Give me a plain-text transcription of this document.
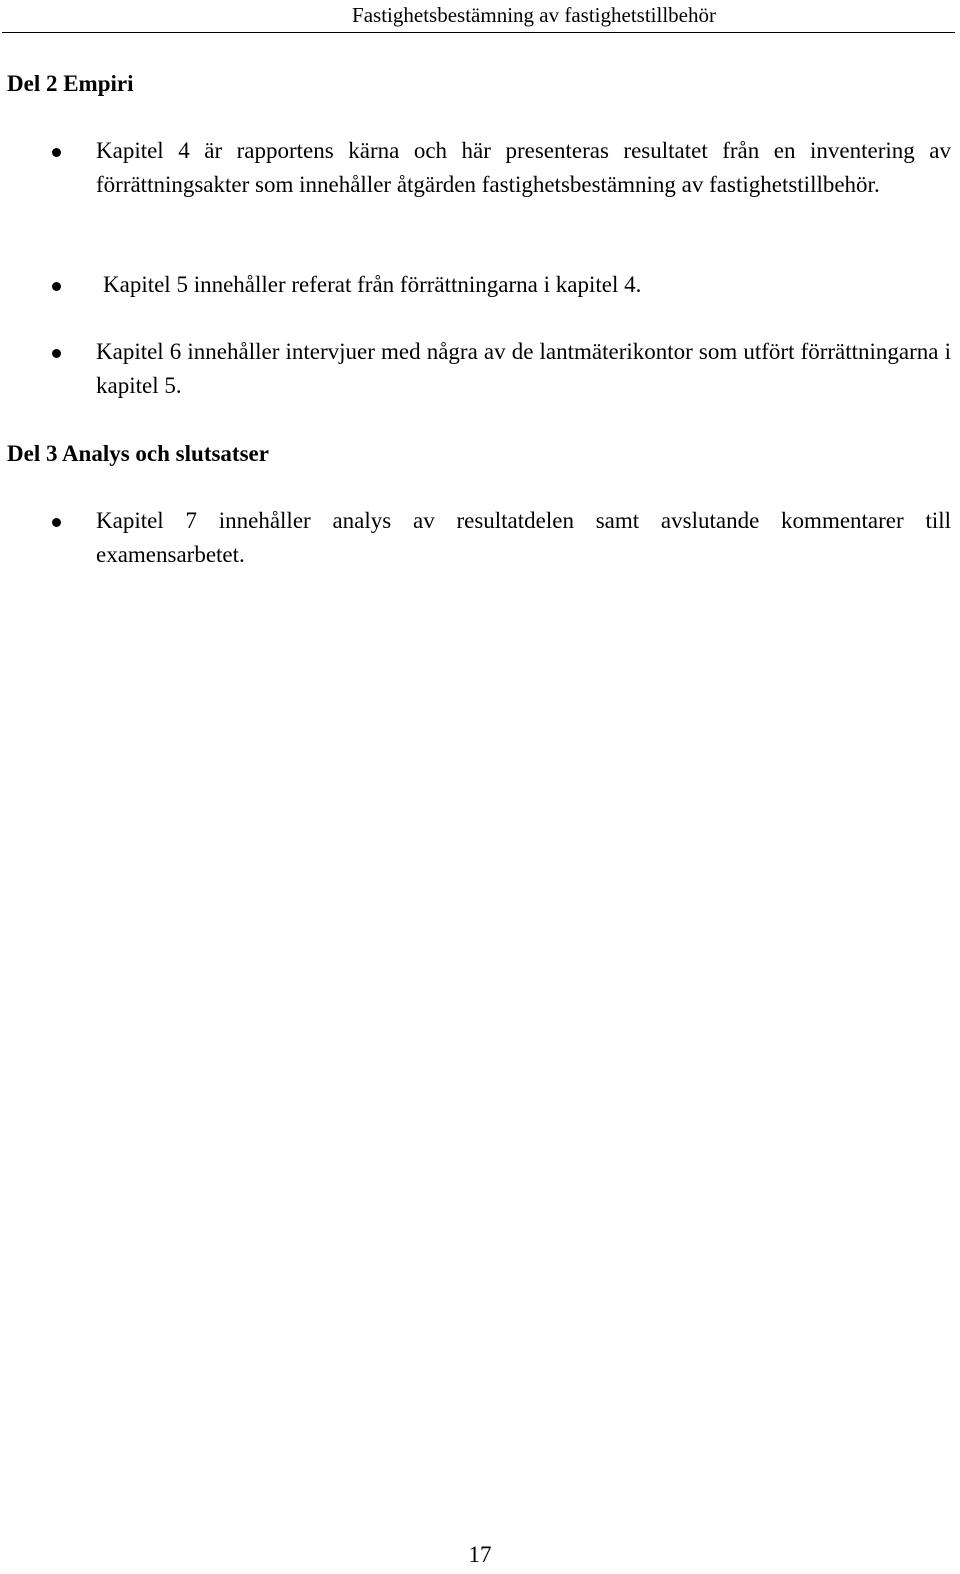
Fastighetsbestämning av fastighetstillbehör
Del 2 Empiri
Kapitel 4 är rapportens kärna och här presenteras resultatet från en inventering av förrättningsakter som innehåller åtgärden fastighetsbestämning av fastighetstillbehör.
Kapitel 5 innehåller referat från förrättningarna i kapitel 4.
Kapitel 6 innehåller intervjuer med några av de lantmäterikontor som utfört förrättningarna i kapitel 5.
Del 3 Analys och slutsatser
Kapitel 7 innehåller analys av resultatdelen samt avslutande kommentarer till examensarbetet.
17
